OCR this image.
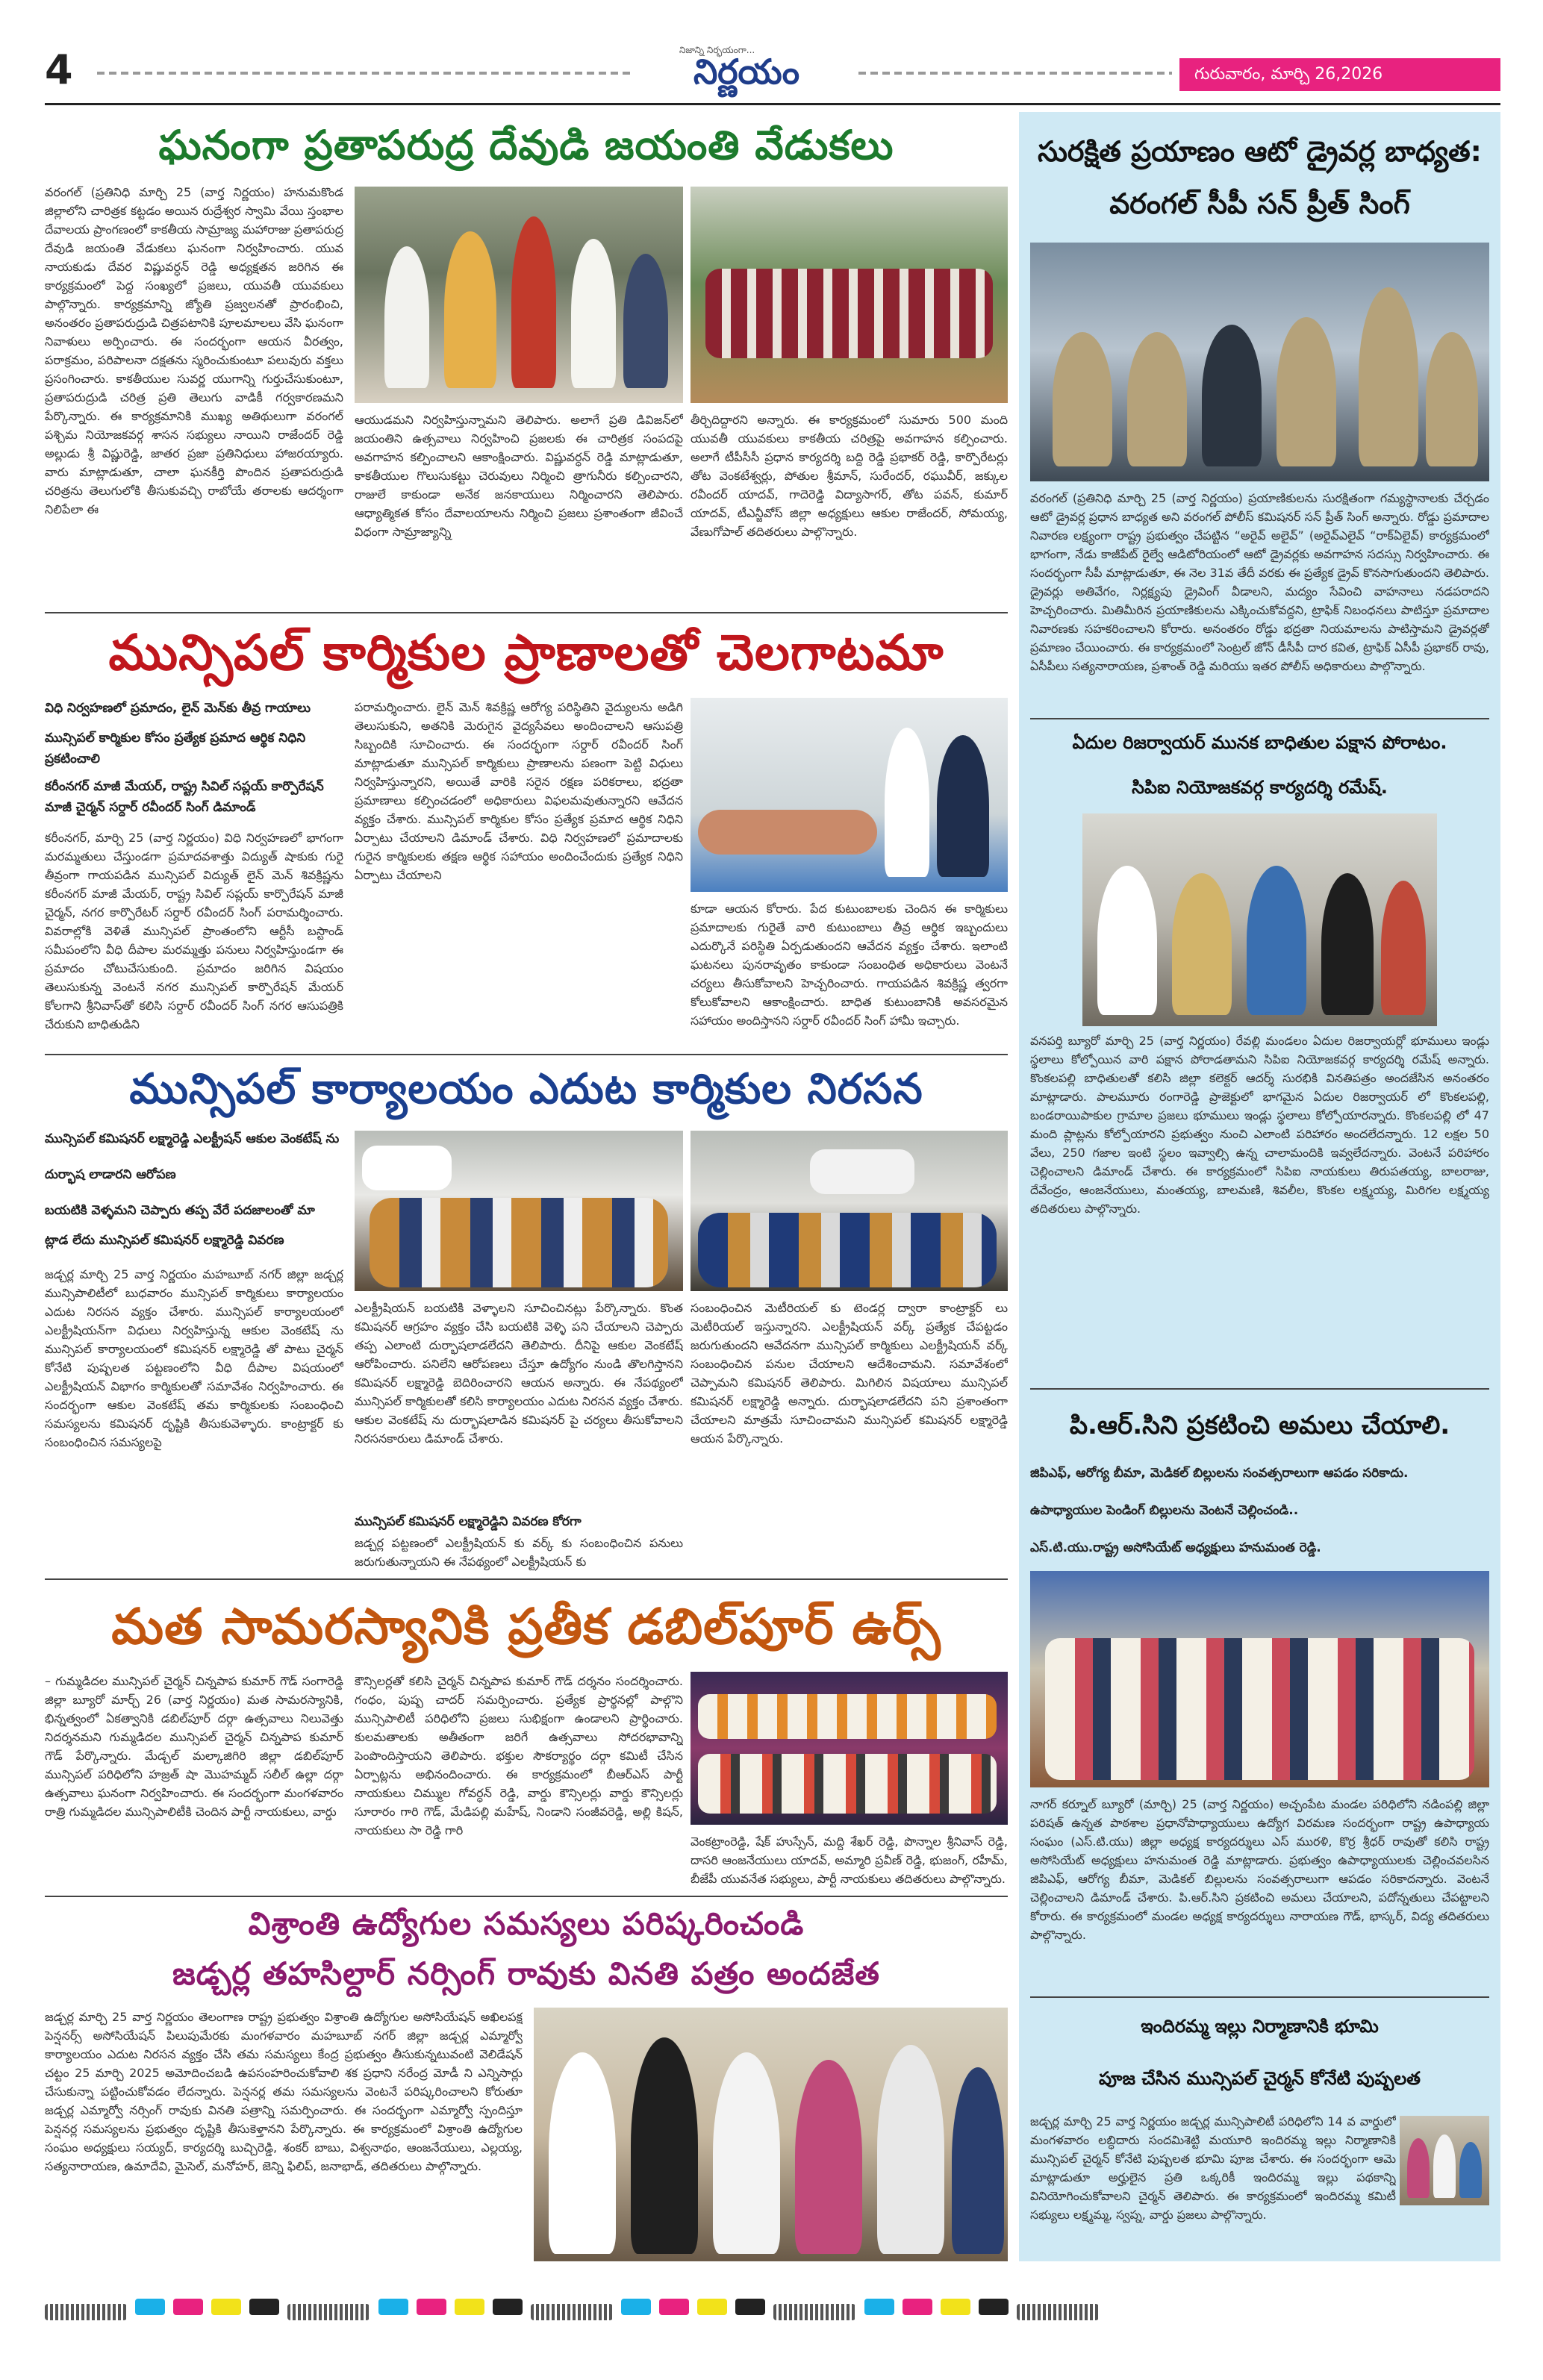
4	నిజాన్ని నిర్భయంగా...
నిర్ణయం	గురువారం, మార్చి 26,2026
ఘనంగా ప్రతాపరుద్ర దేవుడి జయంతి వేడుకలు
వరంగల్ (ప్రతినిధి మార్చి 25 (వార్త నిర్ణయం) హనుమకొండ జిల్లాలోని చారిత్రక కట్టడం అయిన రుద్రేశ్వర స్వామి వేయి స్తంభాల దేవాలయ ప్రాంగణంలో కాకతీయ సామ్రాజ్య మహారాజు ప్రతాపరుద్ర దేవుడి జయంతి వేడుకలు ఘనంగా నిర్వహించారు. యువ నాయకుడు దేవర విష్ణువర్ధన్ రెడ్డి అధ్యక్షతన జరిగిన ఈ కార్యక్రమంలో పెద్ద సంఖ్యలో ప్రజలు, యువతీ యువకులు పాల్గొన్నారు. కార్యక్రమాన్ని జ్యోతి ప్రజ్వలనతో ప్రారంభించి, అనంతరం ప్రతాపరుద్రుడి చిత్రపటానికి పూలమాలలు వేసి ఘనంగా నివాళులు అర్పించారు. ఈ సందర్భంగా ఆయన వీరత్వం, పరాక్రమం, పరిపాలనా దక్షతను స్మరించుకుంటూ పలువురు వక్తలు ప్రసంగించారు. కాకతీయుల సువర్ణ యుగాన్ని గుర్తుచేసుకుంటూ, ప్రతాపరుద్రుడి చరిత్ర ప్రతి తెలుగు వాడికీ గర్వకారణమని పేర్కొన్నారు. ఈ కార్యక్రమానికి ముఖ్య అతిథులుగా వరంగల్ పశ్చిమ నియోజకవర్గ శాసన సభ్యులు నాయిని రాజేందర్ రెడ్డి అల్లుడు శ్రీ విష్ణురెడ్డి, జాతర ప్రజా ప్రతినిధులు హాజరయ్యారు. వారు మాట్లాడుతూ, చాలా ఘనకీర్తి పొందిన ప్రతాపరుద్రుడి చరిత్రను తెలుగులోకి తీసుకువచ్చి రాబోయే తరాలకు ఆదర్శంగా నిలిపేలా ఈ
ఆయుడమని నిర్వహిస్తున్నామని తెలిపారు. అలాగే ప్రతి డివిజన్‌లో జయంతిని ఉత్సవాలు నిర్వహించి ప్రజలకు ఈ చారిత్రక సంపదపై అవగాహన కల్పించాలని ఆకాంక్షించారు. విష్ణువర్ధన్ రెడ్డి మాట్లాడుతూ, కాకతీయుల గొలుసుకట్టు చెరువులు నిర్మించి త్రాగునీరు కల్పించారని, రాజులే కాకుండా అనేక జనకాయులు నిర్మించారని తెలిపారు. ఆధ్యాత్మికత కోసం దేవాలయాలను నిర్మించి ప్రజలు ప్రశాంతంగా జీవించే విధంగా సామ్రాజ్యాన్ని
తీర్చిదిద్దారని అన్నారు. ఈ కార్యక్రమంలో సుమారు 500 మంది యువతీ యువకులు కాకతీయ చరిత్రపై అవగాహన కల్పించారు. అలాగే టీపీసీసీ ప్రధాన కార్యదర్శి బద్ది రెడ్డి ప్రభాకర్ రెడ్డి, కార్పొరేటర్లు తోట వెంకటేశ్వర్లు, పోతుల శ్రీమాన్, సురేందర్, రఘువీర్, జక్కుల రవీందర్ యాదవ్, గాదెరెడ్డి విద్యాసాగర్, తోట పవన్, కుమార్ యాదవ్, టీఎన్జీవోస్ జిల్లా అధ్యక్షులు ఆకుల రాజేందర్, సోమయ్య, వేణుగోపాల్ తదితరులు పాల్గొన్నారు.
మున్సిపల్ కార్మికుల ప్రాణాలతో చెలగాటమా
విధి నిర్వహణలో ప్రమాదం, లైన్ మెన్‌కు తీవ్ర గాయాలు
మున్సిపల్ కార్మికుల కోసం ప్రత్యేక ప్రమాద ఆర్థిక నిధిని ప్రకటించాలి
కరీంనగర్ మాజీ మేయర్, రాష్ట్ర సివిల్ సప్లయ్ కార్పొరేషన్ మాజీ చైర్మన్ సర్దార్ రవీందర్ సింగ్ డిమాండ్
కరీంనగర్, మార్చి 25 (వార్త నిర్ణయం) విధి నిర్వహణలో భాగంగా మరమ్మతులు చేస్తుండగా ప్రమాదవశాత్తు విద్యుత్ షాకుకు గురై తీవ్రంగా గాయపడిన మున్సిపల్ విద్యుత్ లైన్ మెన్ శివక్రిష్ణను కరీంనగర్ మాజీ మేయర్, రాష్ట్ర సివిల్ సప్లయ్ కార్పొరేషన్ మాజీ చైర్మన్, నగర కార్పొరేటర్ సర్దార్ రవీందర్ సింగ్ పరామర్శించారు. వివరాల్లోకి వెళితే మున్సిపల్ ప్రాంతంలోని ఆర్టీసీ బస్టాండ్ సమీపంలోని వీధి దీపాల మరమ్మత్తు పనులు నిర్వహిస్తుండగా ఈ ప్రమాదం చోటుచేసుకుంది. ప్రమాదం జరిగిన విషయం తెలుసుకున్న వెంటనే నగర మున్సిపల్ కార్పొరేషన్ మేయర్ కోలగాని శ్రీనివాస్‌తో కలిసి సర్దార్ రవీందర్ సింగ్ నగర ఆసుపత్రికి చేరుకుని బాధితుడిని
పరామర్శించారు. లైన్ మెన్ శివక్రిష్ణ ఆరోగ్య పరిస్థితిని వైద్యులను అడిగి తెలుసుకుని, అతనికి మెరుగైన వైద్యసేవలు అందించాలని ఆసుపత్రి సిబ్బందికి సూచించారు. ఈ సందర్భంగా సర్దార్ రవీందర్ సింగ్ మాట్లాడుతూ మున్సిపల్ కార్మికులు ప్రాణాలను పణంగా పెట్టి విధులు నిర్వహిస్తున్నారని, అయితే వారికి సరైన రక్షణ పరికరాలు, భద్రతా ప్రమాణాలు కల్పించడంలో అధికారులు విఫలమవుతున్నారని ఆవేదన వ్యక్తం చేశారు. మున్సిపల్ కార్మికుల కోసం ప్రత్యేక ప్రమాద ఆర్థిక నిధిని ఏర్పాటు చేయాలని డిమాండ్ చేశారు. విధి నిర్వహణలో ప్రమాదాలకు గురైన కార్మికులకు తక్షణ ఆర్థిక సహాయం అందించేందుకు ప్రత్యేక నిధిని ఏర్పాటు చేయాలని
కూడా ఆయన కోరారు. పేద కుటుంబాలకు చెందిన ఈ కార్మికులు ప్రమాదాలకు గురైతే వారి కుటుంబాలు తీవ్ర ఆర్థిక ఇబ్బందులు ఎదుర్కొనే పరిస్థితి ఏర్పడుతుందని ఆవేదన వ్యక్తం చేశారు. ఇలాంటి ఘటనలు పునరావృతం కాకుండా సంబంధిత అధికారులు వెంటనే చర్యలు తీసుకోవాలని హెచ్చరించారు. గాయపడిన శివక్రిష్ణ త్వరగా కోలుకోవాలని ఆకాంక్షించారు. బాధిత కుటుంబానికి అవసరమైన సహాయం అందిస్తానని సర్దార్ రవీందర్ సింగ్ హామీ ఇచ్చారు.
మున్సిపల్ కార్యాలయం ఎదుట కార్మికుల నిరసన
మున్సిపల్ కమిషనర్ లక్ష్మారెడ్డి ఎలక్ట్రీషన్ ఆకుల వెంకటేష్ ను
దుర్భాష లాడారని ఆరోపణ
బయటికి వెళ్ళమని చెప్పారు తప్ప వేరే పదజాలంతో మా
ట్లాడ లేదు మున్సిపల్ కమిషనర్ లక్ష్మారెడ్డి వివరణ
జడ్చర్ల మార్చి 25 వార్త నిర్ణయం మహబూబ్ నగర్ జిల్లా జడ్చర్ల మున్సిపాలిటీలో బుధవారం మున్సిపల్ కార్మికులు కార్యాలయం ఎదుట నిరసన వ్యక్తం చేశారు. మున్సిపల్ కార్యాలయంలో ఎలక్ట్రీషియన్‌గా విధులు నిర్వహిస్తున్న ఆకుల వెంకటేష్ ను మున్సిపల్ కార్యాలయంలో కమిషనర్ లక్ష్మారెడ్డి తో పాటు చైర్మన్ కోనేటి పుష్పలత పట్టణంలోని వీధి దీపాల విషయంలో ఎలక్ట్రీషియన్ విభాగం కార్మికులతో సమావేశం నిర్వహించారు. ఈ సందర్భంగా ఆకుల వెంకటేష్ తమ కార్మికులకు సంబంధించి సమస్యలను కమిషనర్ దృష్టికి తీసుకువెళ్ళారు. కాంట్రాక్టర్ కు సంబంధించిన సమస్యలపై
ఎలక్ట్రీషియన్ బయటికి వెళ్ళాలని సూచించినట్లు పేర్కొన్నారు. కొంత కమిషనర్ ఆగ్రహం వ్యక్తం చేసి బయటికి వెళ్ళి పని చేయాలని చెప్పారు తప్ప ఎలాంటి దుర్భాషలాడలేదని తెలిపారు. దీనిపై ఆకుల వెంకటేష్ ఆరోపించారు. పనిలేని ఆరోపణలు చేస్తూ ఉద్యోగం నుండి తొలగిస్తానని కమిషనర్ లక్ష్మారెడ్డి బెదిరించారని ఆయన అన్నారు. ఈ నేపథ్యంలో మున్సిపల్ కార్మికులతో కలిసి కార్యాలయం ఎదుట నిరసన వ్యక్తం చేశారు. ఆకుల వెంకటేష్ ను దుర్భాషలాడిన కమిషనర్ పై చర్యలు తీసుకోవాలని నిరసనకారులు డిమాండ్ చేశారు.
మున్సిపల్ కమిషనర్ లక్ష్మారెడ్డిని వివరణ కోరగా
జడ్చర్ల పట్టణంలో ఎలక్ట్రీషియన్ కు వర్క్ కు సంబంధించిన పనులు జరుగుతున్నాయని ఈ నేపథ్యంలో ఎలక్ట్రీషియన్ కు
సంబంధించిన మెటీరియల్ కు టెండర్ల ద్వారా కాంట్రాక్టర్ లు మెటీరియల్ ఇస్తున్నారని. ఎలక్ట్రీషియన్ వర్క్ ప్రత్యేక చేపట్టడం జరుగుతుందని ఆవేదనగా మున్సిపల్ కార్మికులు ఎలక్ట్రీషియన్ వర్క్ సంబంధించిన పనుల చేయాలని ఆదేశించామని. సమావేశంలో చెప్పామని కమిషనర్ తెలిపారు. మిగిలిన విషయాలు మున్సిపల్ కమిషనర్ లక్ష్మారెడ్డి అన్నారు. దుర్భాషలాడలేదని పని ప్రశాంతంగా చేయాలని మాత్రమే సూచించామని మున్సిపల్ కమిషనర్ లక్ష్మారెడ్డి ఆయన పేర్కొన్నారు.
మత సామరస్యానికి ప్రతీక డబిల్‌పూర్ ఉర్స్
– గుమ్మడిదల మున్సిపల్ చైర్మన్ చిన్నపాప కుమార్ గౌడ్ సంగారెడ్డి జిల్లా బ్యూరో మార్చ్ 26 (వార్త నిర్ణయం) మత సామరస్యానికి, భిన్నత్వంలో ఏకత్వానికి డబిల్‌పూర్ దర్గా ఉత్సవాలు నిలువెత్తు నిదర్శనమని గుమ్మడిదల మున్సిపల్ చైర్మన్ చిన్నపాప కుమార్ గౌడ్ పేర్కొన్నారు. మేడ్చల్ మల్కాజిగిరి జిల్లా డబిల్‌పూర్ మున్సిపల్ పరిధిలోని హజ్రత్ షా మొహమ్మద్ సలీల్ ఉల్లా దర్గా ఉత్సవాలు ఘనంగా నిర్వహించారు. ఈ సందర్భంగా మంగళవారం రాత్రి గుమ్మడిదల మున్సిపాలిటీకి చెందిన పార్టీ నాయకులు, వార్డు
కౌన్సిలర్లతో కలిసి చైర్మన్ చిన్నపాప కుమార్ గౌడ్ దర్శనం సందర్శించారు. గంధం, పుష్ప చాదర్ సమర్పించారు. ప్రత్యేక ప్రార్థనల్లో పాల్గొని మున్సిపాలిటీ పరిధిలోని ప్రజలు సుభిక్షంగా ఉండాలని ప్రార్థించారు. కులమతాలకు అతీతంగా జరిగే ఉత్సవాలు సోదరభావాన్ని పెంపొందిస్తాయని తెలిపారు. భక్తుల సౌకర్యార్థం దర్గా కమిటీ చేసిన ఏర్పాట్లను అభినందించారు. ఈ కార్యక్రమంలో బీఆర్ఎస్ పార్టీ నాయకులు చిమ్ముల గోవర్ధన్ రెడ్డి, వార్డు కౌన్సిలర్లు వార్డు కౌన్సిలర్లు సూరారం గారి గౌడ్, మేడిపల్లి మహేష్, నిండాని సంజీవరెడ్డి, అల్లి కిషన్, నాయకులు సా రెడ్డి గారి
వెంకట్రాంరెడ్డి, షేక్ హుస్సేన్, మద్ది శేఖర్ రెడ్డి, పొన్నాల శ్రీనివాస్ రెడ్డి, దాసరి ఆంజనేయులు యాదవ్, అమ్మారి ప్రవీణ్ రెడ్డి, భుజంగ్, రహీమ్, బీజేపీ యువనేత సభ్యులు, పార్టీ నాయకులు తదితరులు పాల్గొన్నారు.
విశ్రాంతి ఉద్యోగుల సమస్యలు పరిష్కరించండి
జడ్చర్ల తహసిల్దార్ నర్సింగ్ రావుకు వినతి పత్రం అందజేత
జడ్చర్ల మార్చి 25 వార్త నిర్ణయం తెలంగాణ రాష్ట్ర ప్రభుత్వం విశ్రాంతి ఉద్యోగుల అసోసియేషన్ అఖిలపక్ష పెన్షనర్స్ అసోసియేషన్ పిలుపుమేరకు మంగళవారం మహబూబ్ నగర్ జిల్లా జడ్చర్ల ఎమ్మార్వో కార్యాలయం ఎదుట నిరసన వ్యక్తం చేసి తమ సమస్యలు కేంద్ర ప్రభుత్వం తీసుకున్నటువంటి వెలిడేషన్ చట్టం 25 మార్చి 2025 అమోదించబడి ఉపసంహరించుకోవాలి శక ప్రధాని నరేంద్ర మోడీ ని ఎన్నిసార్లు చేసుకున్నా పట్టించుకోవడం లేదన్నారు. పెన్షనర్ల తమ సమస్యలను వెంటనే పరిష్కరించాలని కోరుతూ జడ్చర్ల ఎమ్మార్వో నర్సింగ్ రావుకు వినతి పత్రాన్ని సమర్పించారు. ఈ సందర్భంగా ఎమ్మార్వో స్పందిస్తూ పెన్షనర్ల సమస్యలను ప్రభుత్వం దృష్టికి తీసుకెళ్తానని పేర్కొన్నారు. ఈ కార్యక్రమంలో విశ్రాంతి ఉద్యోగుల సంఘం అధ్యక్షులు సయ్యద్, కార్యదర్శి బుచ్చిరెడ్డి, శంకర్ బాబు, విశ్వనాథం, ఆంజనేయులు, ఎల్లయ్య, సత్యనారాయణ, ఉమాదేవి, మైసెల్, మనోహర్, జెన్ని ఫిలిప్, జనాభాడ్, తదితరులు పాల్గొన్నారు.
సురక్షిత ప్రయాణం ఆటో డ్రైవర్ల బాధ్యత: వరంగల్ సీపీ సన్ ప్రీత్ సింగ్
వరంగల్ (ప్రతినిధి మార్చి 25 (వార్త నిర్ణయం) ప్రయాణికులను సురక్షితంగా గమ్యస్థానాలకు చేర్చడం ఆటో డ్రైవర్ల ప్రధాన బాధ్యత అని వరంగల్ పోలీస్ కమిషనర్ సన్ ప్రీత్ సింగ్ అన్నారు. రోడ్డు ప్రమాదాల నివారణ లక్ష్యంగా రాష్ట్ర ప్రభుత్వం చేపట్టిన “అరైవ్ అలైవ్” (అరైవ్‌ఎలైవ్ “రాక్‌ఏలైవ్) కార్యక్రమంలో భాగంగా, నేడు కాజీపేట్ రైల్వే ఆడిటోరియంలో ఆటో డ్రైవర్లకు అవగాహన సదస్సు నిర్వహించారు. ఈ సందర్భంగా సీపీ మాట్లాడుతూ, ఈ నెల 31వ తేదీ వరకు ఈ ప్రత్యేక డ్రైవ్ కొనసాగుతుందని తెలిపారు. డ్రైవర్లు అతివేగం, నిర్లక్ష్యపు డ్రైవింగ్ వీడాలని, మద్యం సేవించి వాహనాలు నడపరాదని హెచ్చరించారు. మితిమీరిన ప్రయాణికులను ఎక్కించుకోవద్దని, ట్రాఫిక్ నిబంధనలు పాటిస్తూ ప్రమాదాల నివారణకు సహకరించాలని కోరారు. అనంతరం రోడ్డు భద్రతా నియమాలను పాటిస్తామని డ్రైవర్లతో ప్రమాణం చేయించారు. ఈ కార్యక్రమంలో సెంట్రల్ జోన్ డీసీపీ దార కవిత, ట్రాఫిక్ ఏసీపీ ప్రభాకర్ రావు, ఏసీపీలు సత్యనారాయణ, ప్రశాంత్ రెడ్డి మరియు ఇతర పోలీస్ అధికారులు పాల్గొన్నారు.
ఏదుల రిజర్వాయర్ మునక బాధితుల పక్షాన పోరాటం.
సిపిఐ నియోజకవర్గ కార్యదర్శి రమేష్.
వనపర్తి బ్యూరో మార్చి 25 (వార్త నిర్ణయం) రేవల్లి మండలం ఏదుల రిజర్వాయర్లో భూములు ఇండ్లు స్థలాలు కోల్పోయిన వారి పక్షాన పోరాడతామని సిపిఐ నియోజకవర్గ కార్యదర్శి రమేష్ అన్నారు. కొంకలపల్లి బాధితులతో కలిసి జిల్లా కలెక్టర్ ఆదర్శ్ సురభికి వినతిపత్రం అందజేసిన అనంతరం మాట్లాడారు. పాలమూరు రంగారెడ్డి ప్రాజెక్టులో భాగమైన ఏదుల రిజర్వాయర్ లో కొంకలపల్లి, బండరాయిపాకుల గ్రామాల ప్రజలు భూములు ఇండ్లు స్థలాలు కోల్పోయారన్నారు. కొంకలపల్లి లో 47 మంది ప్లాట్లను కోల్పోయారని ప్రభుత్వం నుంచి ఎలాంటి పరిహారం అందలేదన్నారు. 12 లక్షల 50 వేలు, 250 గజాల ఇంటి స్థలం ఇవ్వాల్సి ఉన్న చాలామందికి ఇవ్వలేదన్నారు. వెంటనే పరిహారం చెల్లించాలని డిమాండ్ చేశారు. ఈ కార్యక్రమంలో సిపిఐ నాయకులు తిరుపతయ్య, బాలరాజు, దేవేంద్రం, ఆంజనేయులు, మంతయ్య, బాలమణి, శివలీల, కొంకల లక్ష్మయ్య, మిరిగల లక్ష్మయ్య తదితరులు పాల్గొన్నారు.
పి.ఆర్.సిని ప్రకటించి అమలు చేయాలి.
జిపిఎఫ్, ఆరోగ్య బీమా, మెడికల్ బిల్లులను సంవత్సరాలుగా ఆపడం సరికాదు.
ఉపాధ్యాయుల పెండింగ్ బిల్లులను వెంటనే చెల్లించండి..
ఎస్.టి.యు.రాష్ట్ర అసోసియేట్ అధ్యక్షులు హనుమంత రెడ్డి.
నాగర్ కర్నూల్ బ్యూరో (మార్చి) 25 (వార్త నిర్ణయం) అచ్చంపేట మండల పరిధిలోని నడింపల్లి జిల్లా పరిషత్ ఉన్నత పాఠశాల ప్రధానోపాధ్యాయులు ఉద్యోగ విరమణ సందర్భంగా రాష్ట్ర ఉపాధ్యాయ సంఘం (ఎస్.టి.యు) జిల్లా అధ్యక్ష కార్యదర్శులు ఎస్ మురళి, కొర్ర శ్రీధర్ రావుతో కలిసి రాష్ట్ర అసోసియేట్ అధ్యక్షులు హనుమంత రెడ్డి మాట్లాడారు. ప్రభుత్వం ఉపాధ్యాయులకు చెల్లించవలసిన జిపిఎఫ్, ఆరోగ్య బీమా, మెడికల్ బిల్లులను సంవత్సరాలుగా ఆపడం సరికాదన్నారు. వెంటనే చెల్లించాలని డిమాండ్ చేశారు. పి.ఆర్.సిని ప్రకటించి అమలు చేయాలని, పదోన్నతులు చేపట్టాలని కోరారు. ఈ కార్యక్రమంలో మండల అధ్యక్ష కార్యదర్శులు నారాయణ గౌడ్, భాస్కర్, విద్య తదితరులు పాల్గొన్నారు.
ఇందిరమ్మ ఇల్లు నిర్మాణానికి భూమి
పూజ చేసిన మున్సిపల్ చైర్మన్ కోనేటి పుష్పలత
జడ్చర్ల మార్చి 25 వార్త నిర్ణయం జడ్చర్ల మున్సిపాలిటీ పరిధిలోని 14 వ వార్డులో మంగళవారం లబ్ధిదారు సందమిశెట్టి మయూరి ఇందిరమ్మ ఇల్లు నిర్మాణానికి మున్సిపల్ చైర్మన్ కోనేటి పుష్పలత భూమి పూజ చేశారు. ఈ సందర్భంగా ఆమె మాట్లాడుతూ అర్హులైన ప్రతి ఒక్కరికీ ఇందిరమ్మ ఇల్లు పథకాన్ని వినియోగించుకోవాలని చైర్మన్ తెలిపారు. ఈ కార్యక్రమంలో ఇందిరమ్మ కమిటీ సభ్యులు లక్ష్మమ్మ, స్వప్న, వార్డు ప్రజలు పాల్గొన్నారు.
